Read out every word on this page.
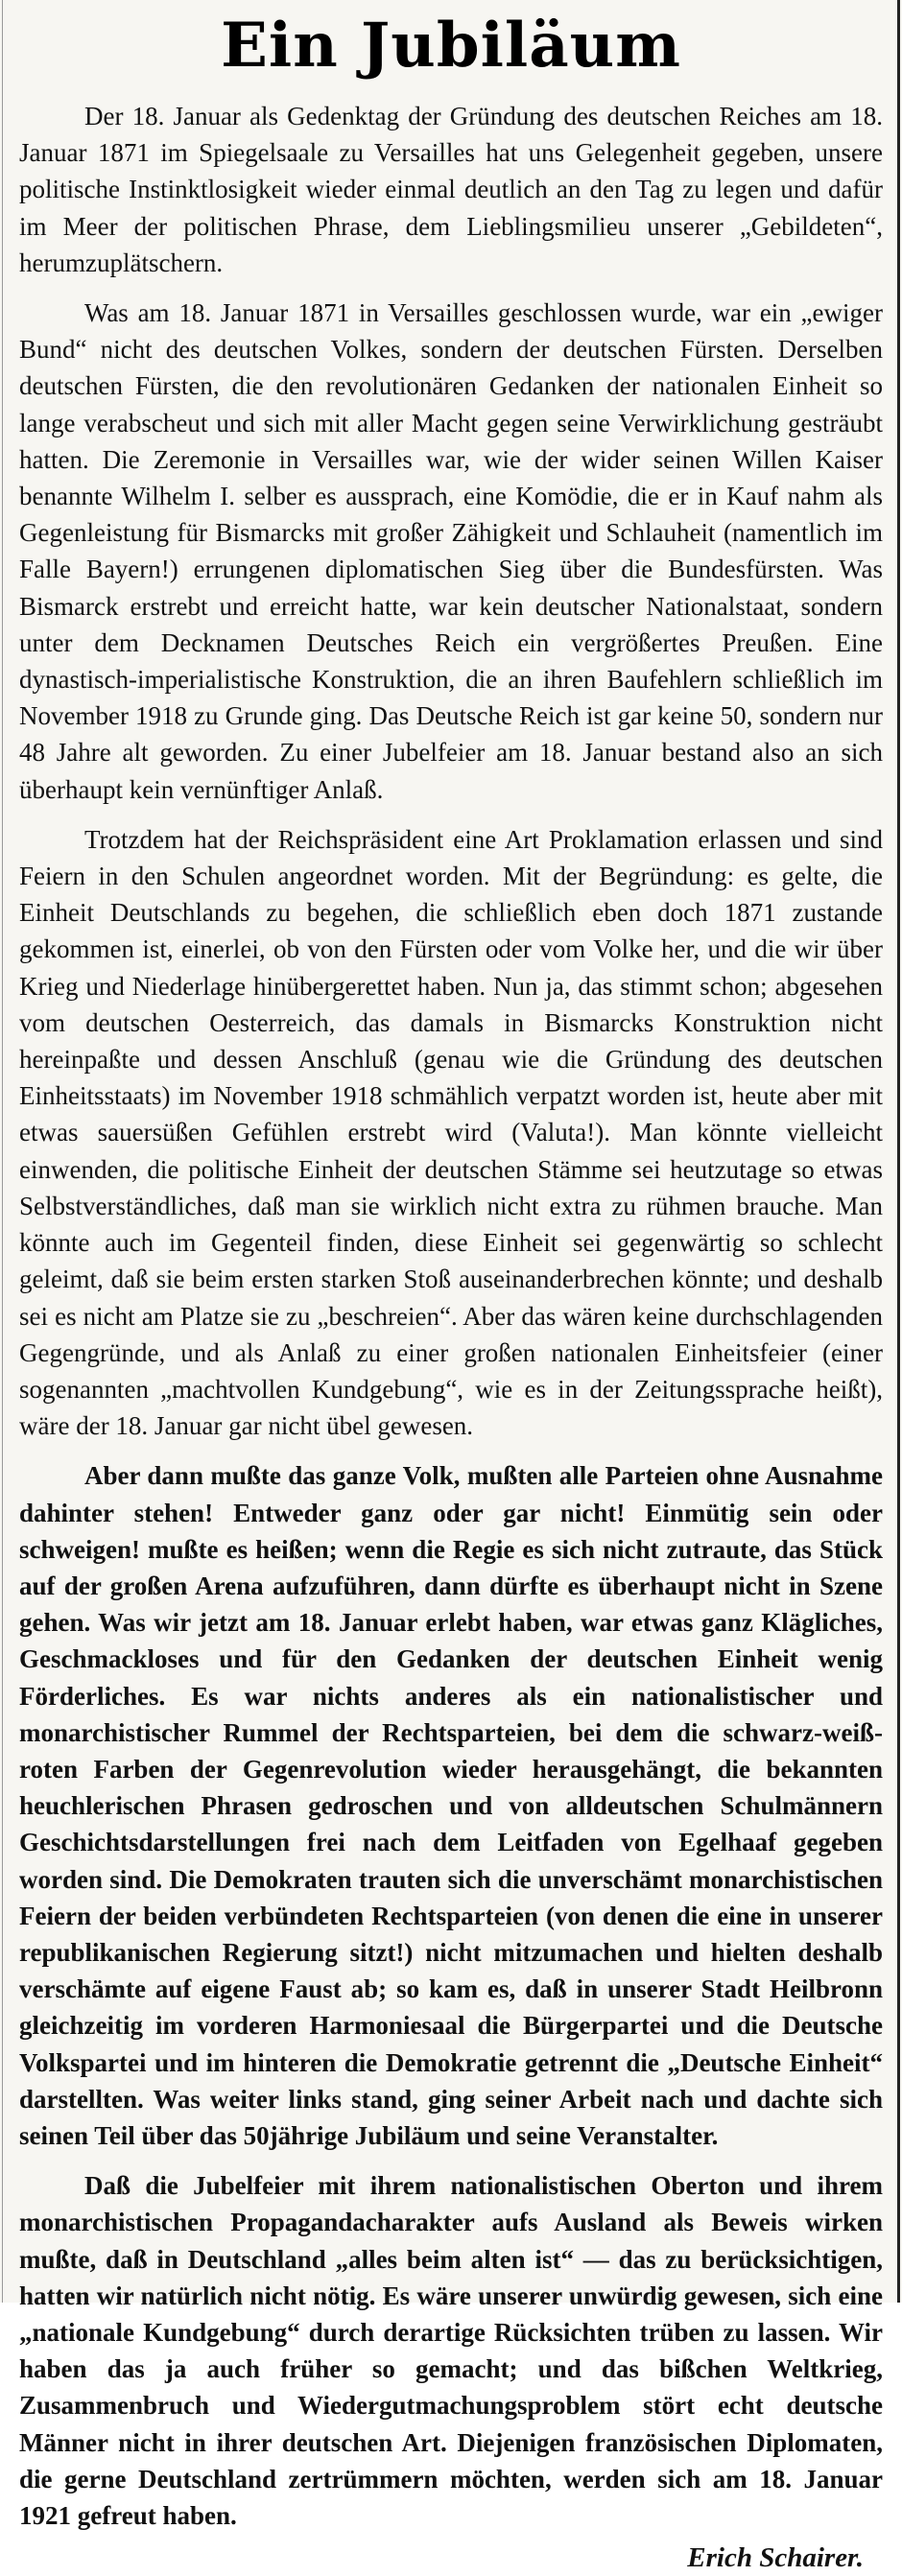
Ein Jubiläum

Der 18. Januar als Gedenktag der Gründung des deutschen Reiches am 18. Januar 1871 im Spiegelsaale zu Versailles hat uns Gelegenheit gegeben, unsere politische Instinktlosigkeit wieder einmal deutlich an den Tag zu legen und dafür im Meer der politischen Phrase, dem Lieblingsmilieu unserer „Gebildeten“, herumzuplätschern.

Was am 18. Januar 1871 in Versailles geschlossen wurde, war ein „ewiger Bund“ nicht des deutschen Volkes, sondern der deutschen Fürsten. Derselben deutschen Fürsten, die den revolutionären Gedanken der nationalen Einheit so lange verabscheut und sich mit aller Macht gegen seine Verwirklichung gesträubt hatten. Die Zeremonie in Versailles war, wie der wider seinen Willen Kaiser benannte Wilhelm I. selber es aussprach, eine Komödie, die er in Kauf nahm als Gegenleistung für Bismarcks mit großer Zähigkeit und Schlauheit (namentlich im Falle Bayern!) errungenen diplomatischen Sieg über die Bundesfürsten. Was Bismarck erstrebt und erreicht hatte, war kein deutscher Nationalstaat, sondern unter dem Decknamen Deutsches Reich ein vergrößertes Preußen. Eine dynastisch-imperialistische Konstruktion, die an ihren Baufehlern schließlich im November 1918 zu Grunde ging. Das Deutsche Reich ist gar keine 50, sondern nur 48 Jahre alt geworden. Zu einer Jubelfeier am 18. Januar bestand also an sich überhaupt kein vernünftiger Anlaß.

Trotzdem hat der Reichspräsident eine Art Proklamation erlassen und sind Feiern in den Schulen angeordnet worden. Mit der Begründung: es gelte, die Einheit Deutschlands zu begehen, die schließlich eben doch 1871 zustande gekommen ist, einerlei, ob von den Fürsten oder vom Volke her, und die wir über Krieg und Niederlage hinübergerettet haben. Nun ja, das stimmt schon; abgesehen vom deutschen Oesterreich, das damals in Bismarcks Konstruktion nicht hereinpaßte und dessen Anschluß (genau wie die Gründung des deutschen Einheitsstaats) im November 1918 schmählich verpatzt worden ist, heute aber mit etwas sauersüßen Gefühlen erstrebt wird (Valuta!). Man könnte vielleicht einwenden, die politische Einheit der deutschen Stämme sei heutzutage so etwas Selbstverständliches, daß man sie wirklich nicht extra zu rühmen brauche. Man könnte auch im Gegenteil finden, diese Einheit sei gegenwärtig so schlecht geleimt, daß sie beim ersten starken Stoß auseinanderbrechen könnte; und deshalb sei es nicht am Platze sie zu „beschreien“. Aber das wären keine durchschlagenden Gegengründe, und als Anlaß zu einer großen nationalen Einheitsfeier (einer sogenannten „machtvollen Kundgebung“, wie es in der Zeitungssprache heißt), wäre der 18. Januar gar nicht übel gewesen.

Aber dann mußte das ganze Volk, mußten alle Parteien ohne Ausnahme dahinter stehen! Entweder ganz oder gar nicht! Einmütig sein oder schweigen! mußte es heißen; wenn die Regie es sich nicht zutraute, das Stück auf der großen Arena aufzuführen, dann dürfte es überhaupt nicht in Szene gehen. Was wir jetzt am 18. Januar erlebt haben, war etwas ganz Klägliches, Geschmackloses und für den Gedanken der deutschen Einheit wenig Förderliches. Es war nichts anderes als ein nationalistischer und monarchistischer Rummel der Rechtsparteien, bei dem die schwarz-weiß-roten Farben der Gegenrevolution wieder herausgehängt, die bekannten heuchlerischen Phrasen gedroschen und von alldeutschen Schulmännern Geschichtsdarstellungen frei nach dem Leitfaden von Egelhaaf gegeben worden sind. Die Demokraten trauten sich die unverschämt monarchistischen Feiern der beiden verbündeten Rechtsparteien (von denen die eine in unserer republikanischen Regierung sitzt!) nicht mitzumachen und hielten deshalb verschämte auf eigene Faust ab; so kam es, daß in unserer Stadt Heilbronn gleichzeitig im vorderen Harmoniesaal die Bürgerpartei und die Deutsche Volkspartei und im hinteren die Demokratie getrennt die „Deutsche Einheit“ darstellten. Was weiter links stand, ging seiner Arbeit nach und dachte sich seinen Teil über das 50jährige Jubiläum und seine Veranstalter.

Daß die Jubelfeier mit ihrem nationalistischen Oberton und ihrem monarchistischen Propagandacharakter aufs Ausland als Beweis wirken mußte, daß in Deutschland „alles beim alten ist“ — das zu berücksichtigen, hatten wir natürlich nicht nötig. Es wäre unserer unwürdig gewesen, sich eine „nationale Kundgebung“ durch derartige Rücksichten trüben zu lassen. Wir haben das ja auch früher so gemacht; und das bißchen Weltkrieg, Zusammenbruch und Wiedergutmachungsproblem stört echt deutsche Männer nicht in ihrer deutschen Art. Diejenigen französischen Diplomaten, die gerne Deutschland zertrümmern möchten, werden sich am 18. Januar 1921 gefreut haben.

Erich Schairer.
